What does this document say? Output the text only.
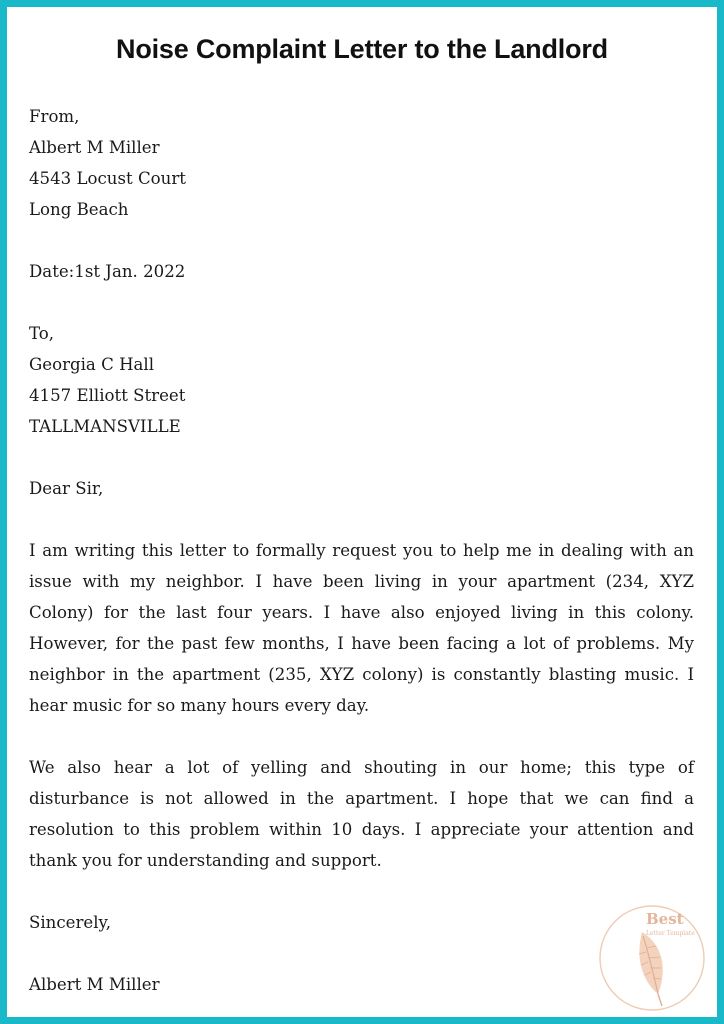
Noise Complaint Letter to the Landlord
From,
Albert M Miller
4543 Locust Court
Long Beach
Date:1st Jan. 2022
To,
Georgia C Hall
4157 Elliott Street
TALLMANSVILLE
Dear Sir,
I am writing this letter to formally request you to help me in dealing with an issue with my neighbor. I have been living in your apartment (234, XYZ Colony) for the last four years. I have also enjoyed living in this colony. However, for the past few months, I have been facing a lot of problems. My neighbor in the apartment (235, XYZ colony) is constantly blasting music. I hear music for so many hours every day.
We also hear a lot of yelling and shouting in our home; this type of disturbance is not allowed in the apartment. I hope that we can find a resolution to this problem within 10 days. I appreciate your attention and thank you for understanding and support.
Sincerely,
Albert M Miller
Best
Letter Template
